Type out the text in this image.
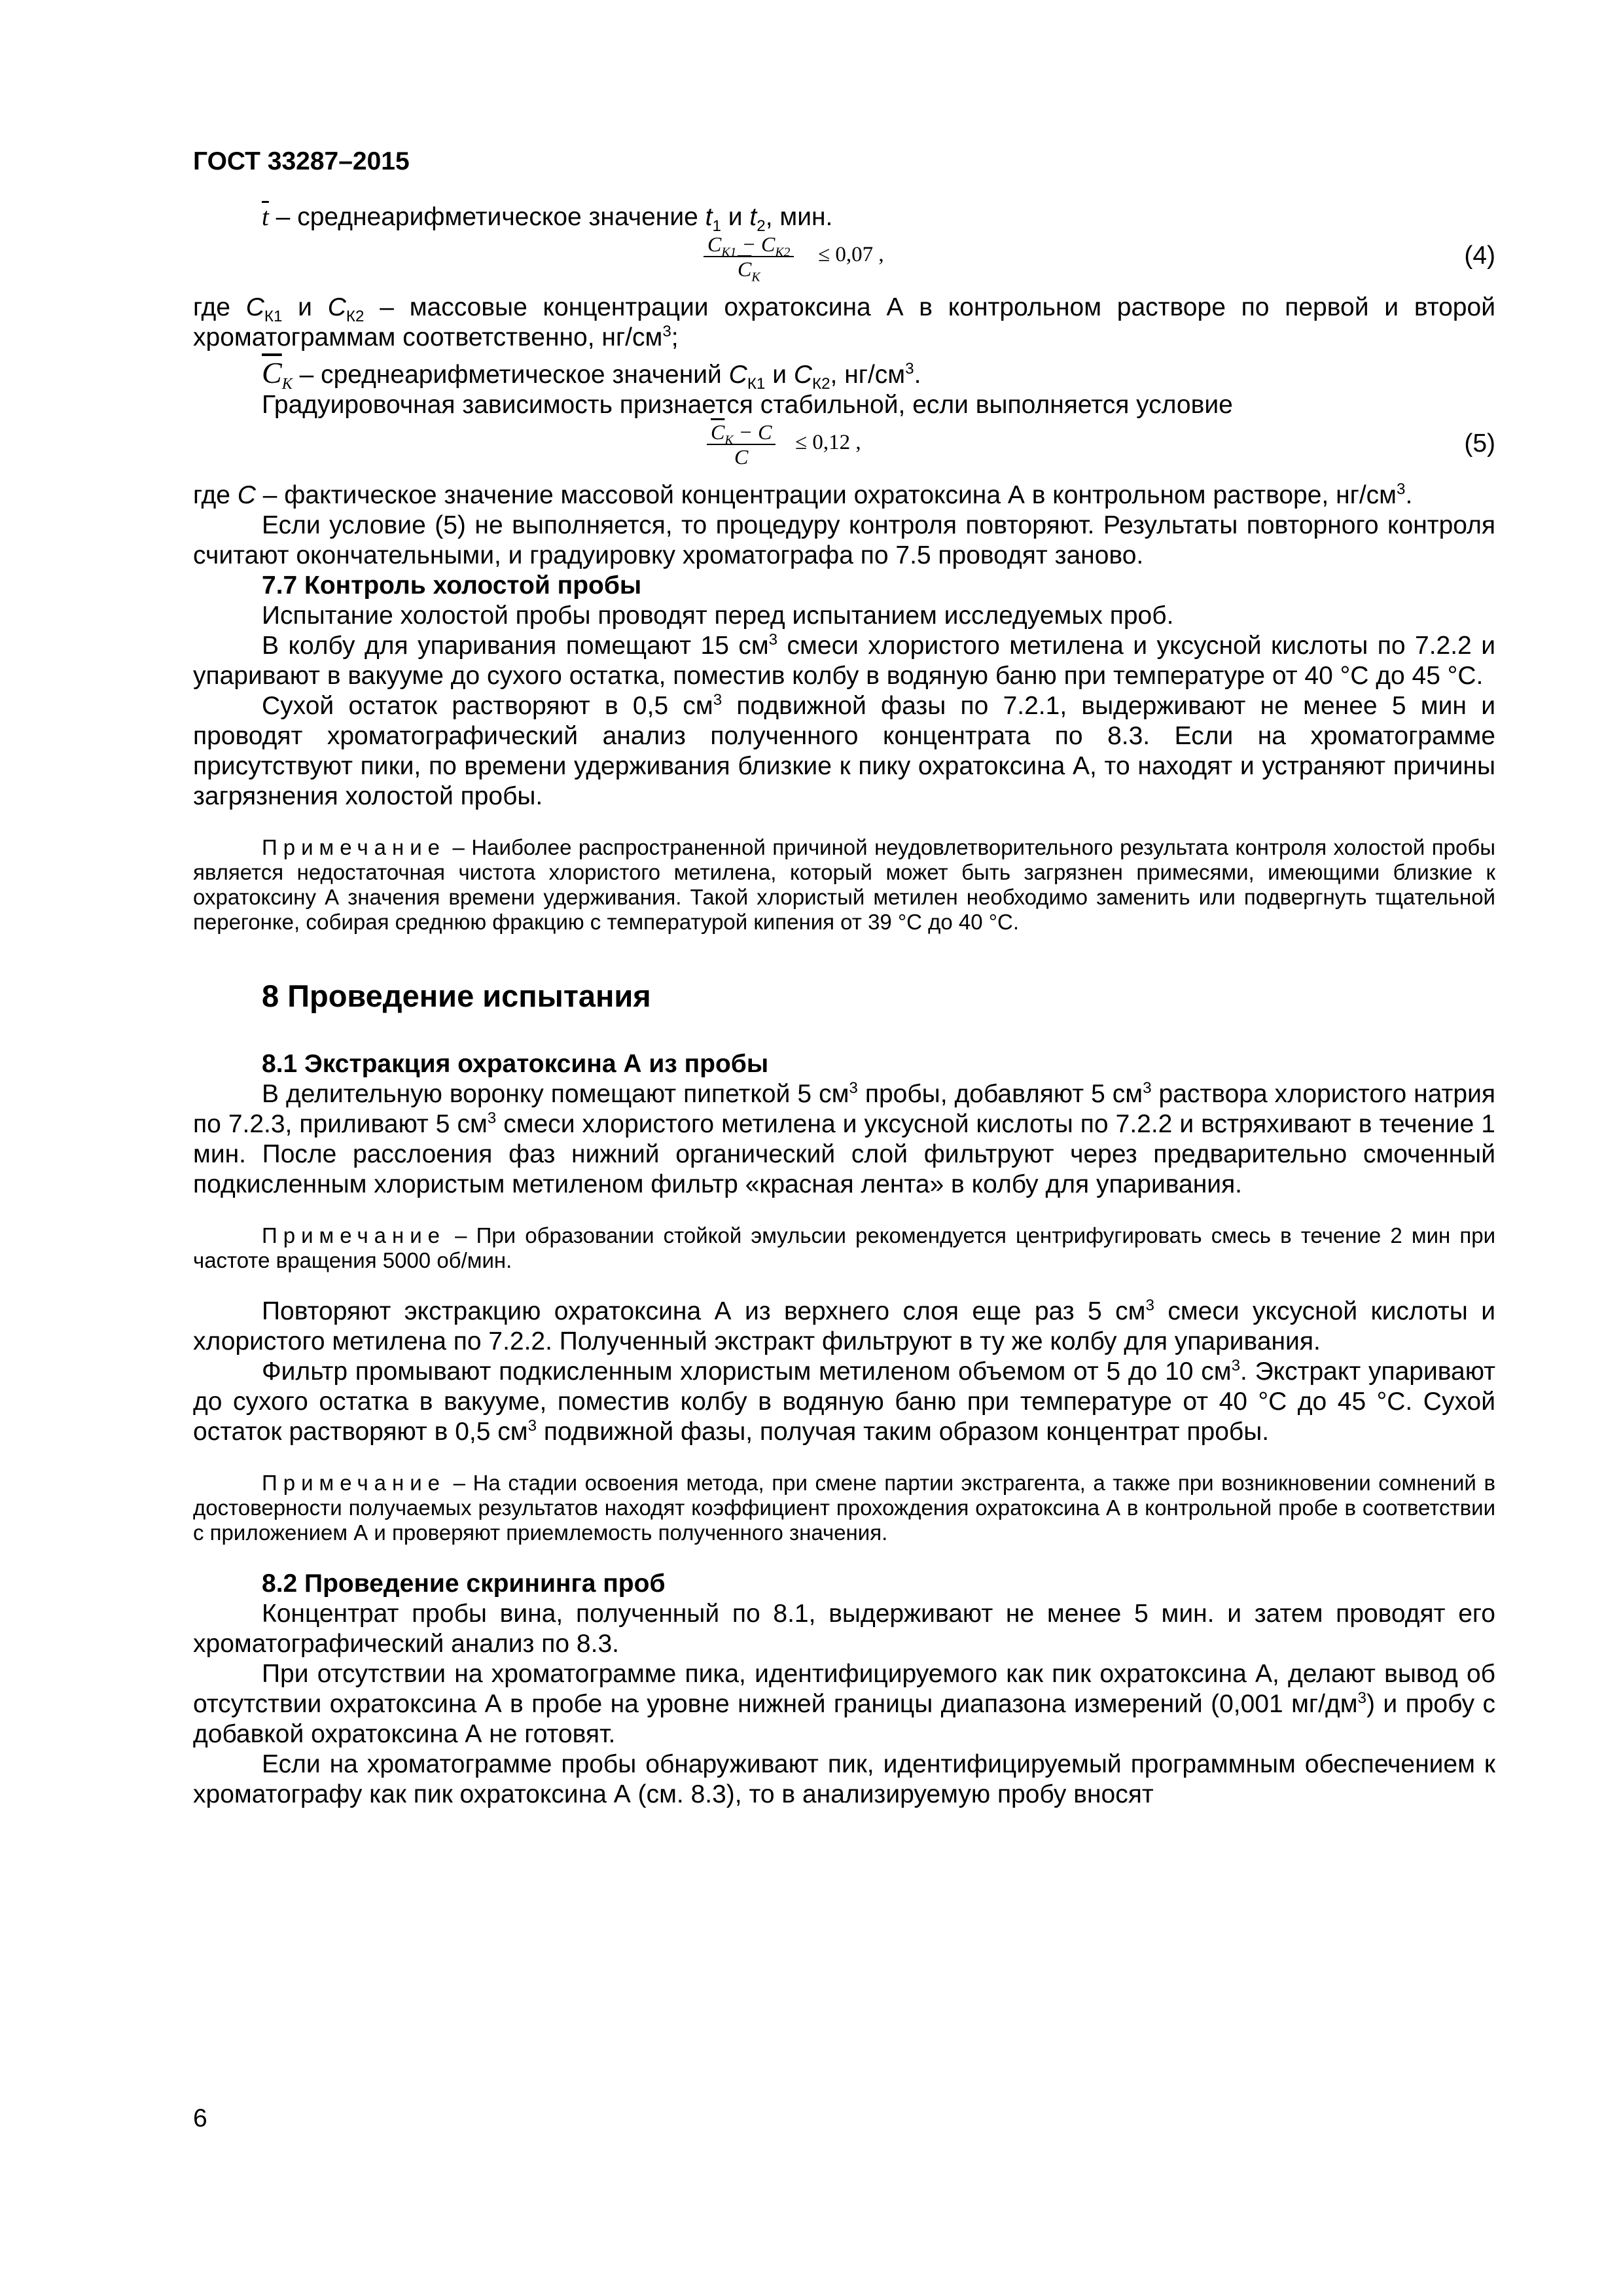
ГОСТ 33287–2015

$\overline{t}$ – среднеарифметическое значение $t_1$ и $t_2$, мин.

$C_{К1} - C_{К2}$
$\overline{C}_К$
≤ 0,07 ,	(4)

где $C_{К1}$ и $C_{К2}$ – массовые концентрации охратоксина А в контрольном растворе по первой и второй хроматограммам соответственно, $нг/см^3$;

$\overline{C}_К$ – среднеарифметическое значений $C_{К1}$ и $C_{К2}$, $нг/см^3$.

Градуировочная зависимость признается стабильной, если выполняется условие

$\overline{C}_К - C$
C
≤ 0,12 ,	(5)

где C – фактическое значение массовой концентрации охратоксина А в контрольном растворе, $нг/см^3$.

Если условие (5) не выполняется, то процедуру контроля повторяют. Результаты повторного контроля считают окончательными, и градуировку хроматографа по 7.5 проводят заново.

7.7 Контроль холостой пробы

Испытание холостой пробы проводят перед испытанием исследуемых проб.

В колбу для упаривания помещают 15 $см^3$ смеси хлористого метилена и уксусной кислоты по 7.2.2 и упаривают в вакууме до сухого остатка, поместив колбу в водяную баню при температуре от 40 °С до 45 °С.

Сухой остаток растворяют в 0,5 $см^3$ подвижной фазы по 7.2.1, выдерживают не менее 5 мин и проводят хроматографический анализ полученного концентрата по 8.3. Если на хроматограмме присутствуют пики, по времени удерживания близкие к пику охратоксина А, то находят и устраняют причины загрязнения холостой пробы.

Примечание – Наиболее распространенной причиной неудовлетворительного результата контроля холостой пробы является недостаточная чистота хлористого метилена, который может быть загрязнен примесями, имеющими близкие к охратоксину А значения времени удерживания. Такой хлористый метилен необходимо заменить или подвергнуть тщательной перегонке, собирая среднюю фракцию с температурой кипения от 39 °С до 40 °С.

8 Проведение испытания
8.1 Экстракция охратоксина А из пробы

В делительную воронку помещают пипеткой 5 $см^3$ пробы, добавляют 5 $см^3$ раствора хлористого натрия по 7.2.3, приливают 5 $см^3$ смеси хлористого метилена и уксусной кислоты по 7.2.2 и встряхивают в течение 1 мин. После расслоения фаз нижний органический слой фильтруют через предварительно смоченный подкисленным хлористым метиленом фильтр «красная лента» в колбу для упаривания.

Примечание – При образовании стойкой эмульсии рекомендуется центрифугировать смесь в течение 2 мин при частоте вращения 5000 об/мин.

Повторяют экстракцию охратоксина А из верхнего слоя еще раз 5 $см^3$ смеси уксусной кислоты и хлористого метилена по 7.2.2. Полученный экстракт фильтруют в ту же колбу для упаривания.

Фильтр промывают подкисленным хлористым метиленом объемом от 5 до 10 $см^3$. Экстракт упаривают до сухого остатка в вакууме, поместив колбу в водяную баню при температуре от 40 °С до 45 °С. Сухой остаток растворяют в 0,5 $см^3$ подвижной фазы, получая таким образом концентрат пробы.

Примечание – На стадии освоения метода, при смене партии экстрагента, а также при возникновении сомнений в достоверности получаемых результатов находят коэффициент прохождения охратоксина А в контрольной пробе в соответствии с приложением А и проверяют приемлемость полученного значения.

8.2 Проведение скрининга проб

Концентрат пробы вина, полученный по 8.1, выдерживают не менее 5 мин. и затем проводят его хроматографический анализ по 8.3.

При отсутствии на хроматограмме пика, идентифицируемого как пик охратоксина А, делают вывод об отсутствии охратоксина А в пробе на уровне нижней границы диапазона измерений (0,001 $мг/дм^3$) и пробу с добавкой охратоксина А не готовят.

Если на хроматограмме пробы обнаруживают пик, идентифицируемый программным обеспечением к хроматографу как пик охратоксина А (см. 8.3), то в анализируемую пробу вносят

6
